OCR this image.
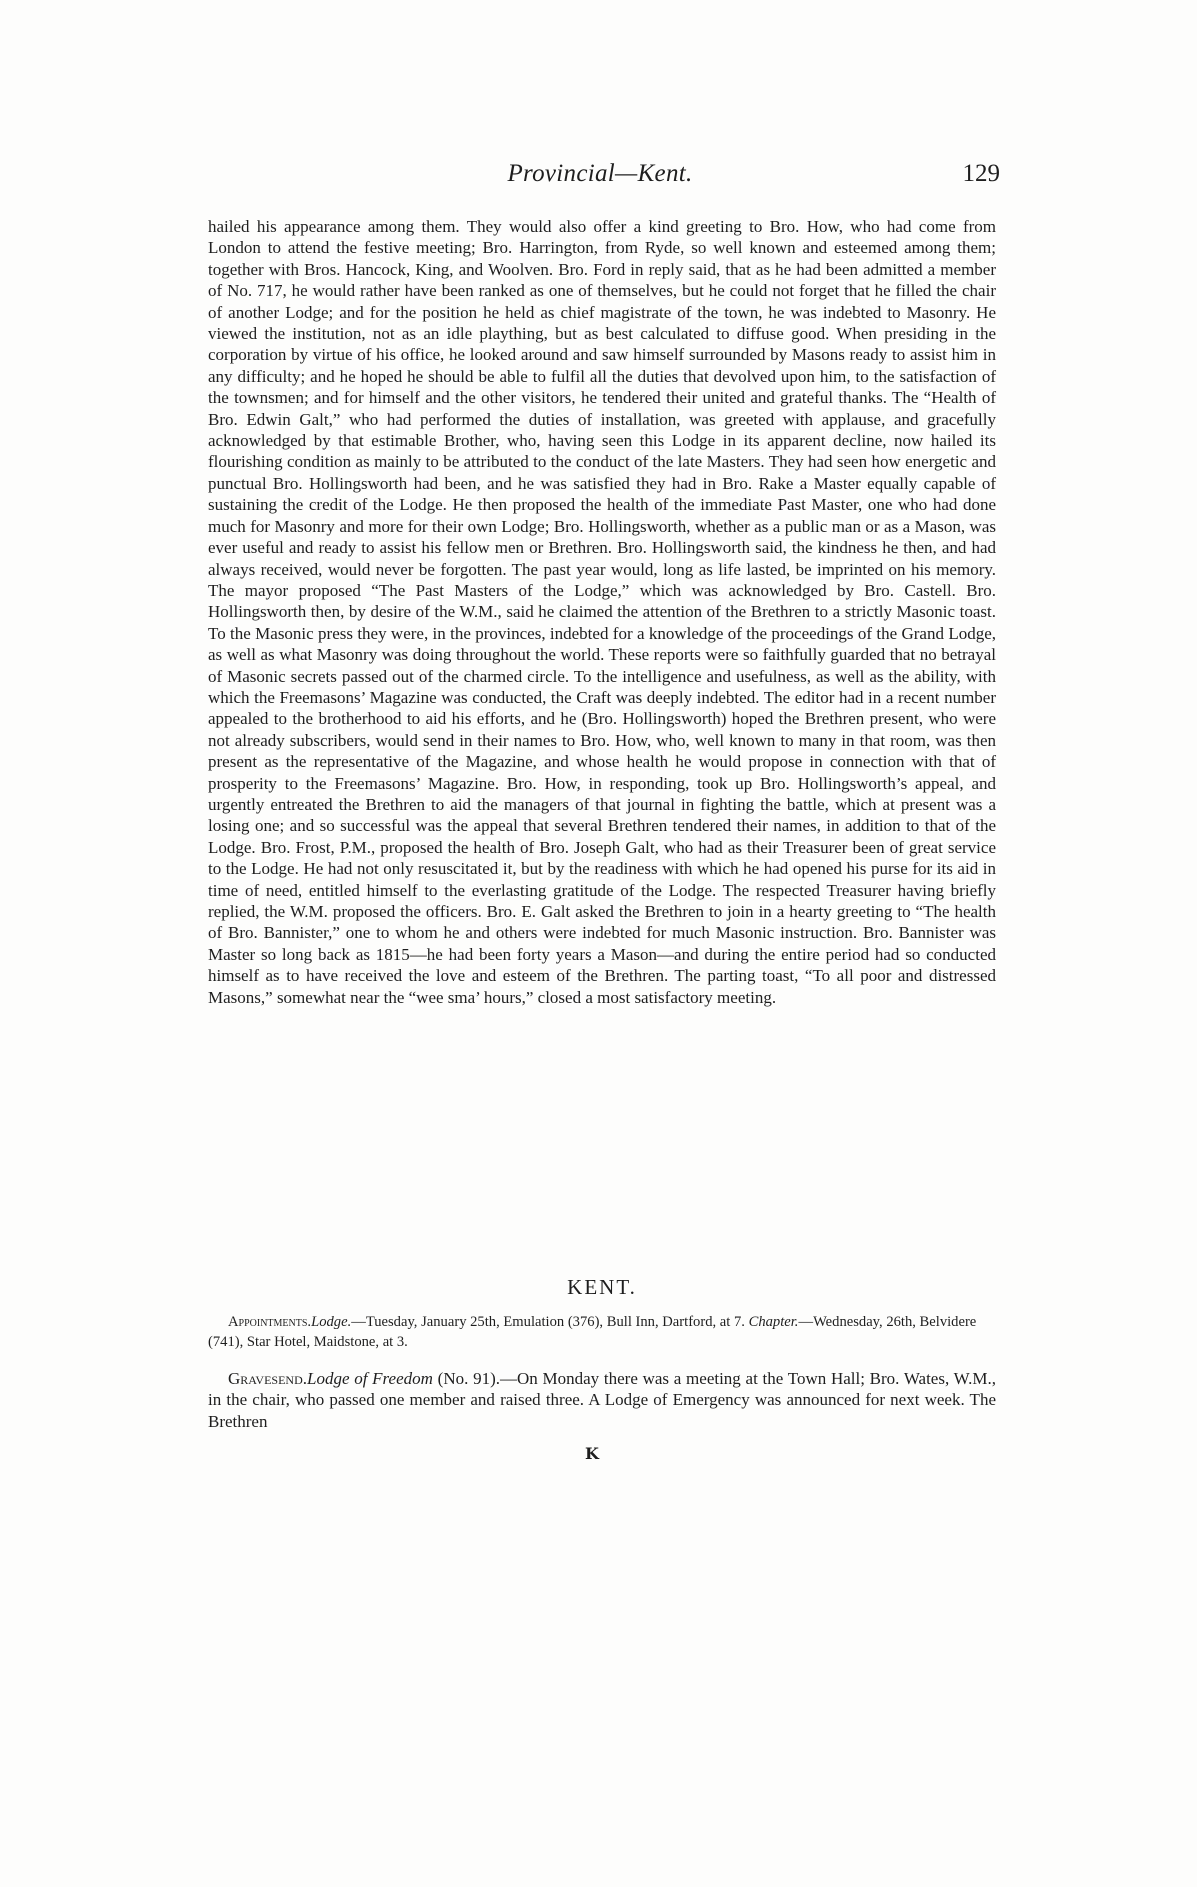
Provincial—Kent.	129

hailed his appearance among them. They would also offer a kind greeting to Bro. How, who had come from London to attend the festive meeting; Bro. Harrington, from Ryde, so well known and esteemed among them; together with Bros. Hancock, King, and Woolven. Bro. Ford in reply said, that as he had been admitted a member of No. 717, he would rather have been ranked as one of themselves, but he could not forget that he filled the chair of another Lodge; and for the position he held as chief magistrate of the town, he was indebted to Masonry. He viewed the institution, not as an idle plaything, but as best calculated to diffuse good. When presiding in the corporation by virtue of his office, he looked around and saw himself surrounded by Masons ready to assist him in any difficulty; and he hoped he should be able to fulfil all the duties that devolved upon him, to the satisfaction of the townsmen; and for himself and the other visitors, he tendered their united and grateful thanks. The “Health of Bro. Edwin Galt,” who had performed the duties of installation, was greeted with applause, and gracefully acknowledged by that estimable Brother, who, having seen this Lodge in its apparent decline, now hailed its flourishing condition as mainly to be attributed to the conduct of the late Masters. They had seen how energetic and punctual Bro. Hollingsworth had been, and he was satisfied they had in Bro. Rake a Master equally capable of sustaining the credit of the Lodge. He then proposed the health of the immediate Past Master, one who had done much for Masonry and more for their own Lodge; Bro. Hollingsworth, whether as a public man or as a Mason, was ever useful and ready to assist his fellow men or Brethren. Bro. Hollingsworth said, the kindness he then, and had always received, would never be forgotten. The past year would, long as life lasted, be imprinted on his memory. The mayor proposed “The Past Masters of the Lodge,” which was acknowledged by Bro. Castell. Bro. Hollingsworth then, by desire of the W.M., said he claimed the attention of the Brethren to a strictly Masonic toast. To the Masonic press they were, in the provinces, indebted for a knowledge of the proceedings of the Grand Lodge, as well as what Masonry was doing throughout the world. These reports were so faithfully guarded that no betrayal of Masonic secrets passed out of the charmed circle. To the intelligence and usefulness, as well as the ability, with which the Freemasons’ Magazine was conducted, the Craft was deeply indebted. The editor had in a recent number appealed to the brotherhood to aid his efforts, and he (Bro. Hollingsworth) hoped the Brethren present, who were not already subscribers, would send in their names to Bro. How, who, well known to many in that room, was then present as the representative of the Magazine, and whose health he would propose in connection with that of prosperity to the Freemasons’ Magazine. Bro. How, in responding, took up Bro. Hollingsworth’s appeal, and urgently entreated the Brethren to aid the managers of that journal in fighting the battle, which at present was a losing one; and so successful was the appeal that several Brethren tendered their names, in addition to that of the Lodge. Bro. Frost, P.M., proposed the health of Bro. Joseph Galt, who had as their Treasurer been of great service to the Lodge. He had not only resuscitated it, but by the readiness with which he had opened his purse for its aid in time of need, entitled himself to the everlasting gratitude of the Lodge. The respected Treasurer having briefly replied, the W.M. proposed the officers. Bro. E. Galt asked the Brethren to join in a hearty greeting to “The health of Bro. Bannister,” one to whom he and others were indebted for much Masonic instruction. Bro. Bannister was Master so long back as 1815—he had been forty years a Mason—and during the entire period had so conducted himself as to have received the love and esteem of the Brethren. The parting toast, “To all poor and distressed Masons,” somewhat near the “wee sma’ hours,” closed a most satisfactory meeting.

KENT.

Appointments.Lodge.—Tuesday, January 25th, Emulation (376), Bull Inn, Dartford, at 7. Chapter.—Wednesday, 26th, Belvidere (741), Star Hotel, Maidstone, at 3.

Gravesend.Lodge of Freedom (No. 91).—On Monday there was a meeting at the Town Hall; Bro. Wates, W.M., in the chair, who passed one member and raised three. A Lodge of Emergency was announced for next week. The Brethren

K
